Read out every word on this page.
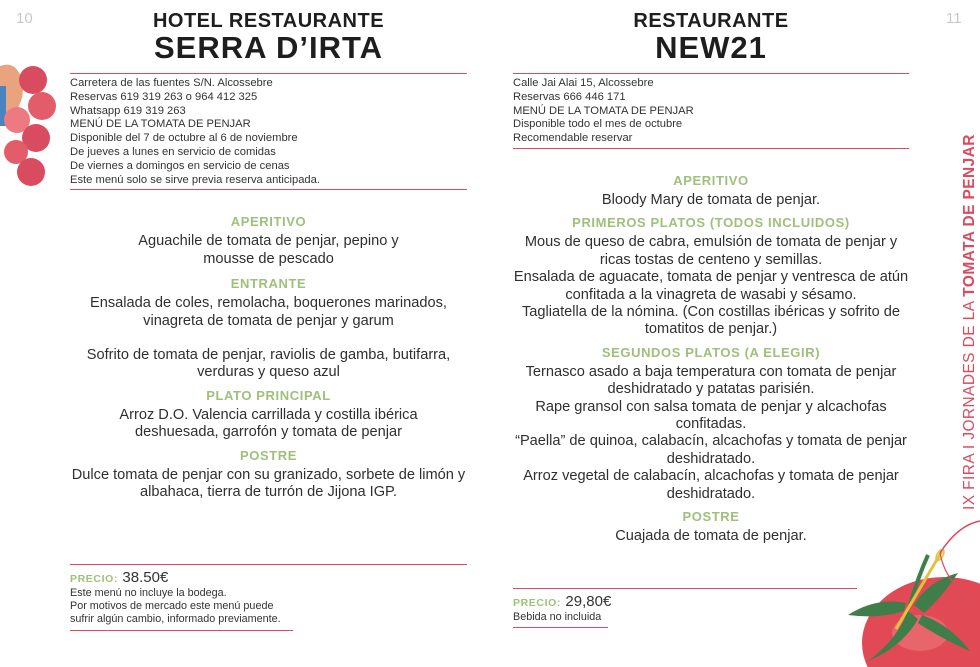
10	11
HOTEL RESTAURANTE
SERRA D’IRTA
Carretera de las fuentes S/N. Alcossebre
Reservas 619 319 263 o 964 412 325
Whatsapp 619 319 263
MENÚ DE LA TOMATA DE PENJAR
Disponible del 7 de octubre al 6 de noviembre
De jueves a lunes en servicio de comidas
De viernes a domingos en servicio de cenas
Este menú solo se sirve previa reserva anticipada.
APERITIVO
Aguachile de tomata de penjar, pepino y mousse de pescado
ENTRANTE
Ensalada de coles, remolacha, boquerones marinados, vinagreta de tomata de penjar y garum
Sofrito de tomata de penjar, raviolis de gamba, butifarra, verduras y queso azul
PLATO PRINCIPAL
Arroz D.O. Valencia carrillada y costilla ibérica deshuesada, garrofón y tomata de penjar
POSTRE
Dulce tomata de penjar con su granizado, sorbete de limón y albahaca, tierra de turrón de Jijona IGP.
PRECIO: 38.50€
Este menú no incluye la bodega.
Por motivos de mercado este menú puede
sufrir algún cambio, informado previamente.
RESTAURANTE
NEW21
Calle Jai Alai 15, Alcossebre
Reservas 666 446 171
MENÚ DE LA TOMATA DE PENJAR
Disponible todo el mes de octubre
Recomendable reservar
APERITIVO
Bloody Mary de tomata de penjar.
PRIMEROS PLATOS (TODOS INCLUIDOS)
Mous de queso de cabra, emulsión de tomata de penjar y ricas tostas de centeno y semillas.
Ensalada de aguacate, tomata de penjar y ventresca de atún confitada a la vinagreta de wasabi y sésamo.
Tagliatella de la nómina. (Con costillas ibéricas y sofrito de tomatitos de penjar.)
SEGUNDOS PLATOS (A ELEGIR)
Ternasco asado a baja temperatura con tomata de penjar deshidratado y patatas parisién.
Rape gransol con salsa tomata de penjar y alcachofas confitadas.
“Paella” de quinoa, calabacín, alcachofas y tomata de penjar deshidratado.
Arroz vegetal de calabacín, alcachofas y tomata de penjar deshidratado.
POSTRE
Cuajada de tomata de penjar.
PRECIO: 29,80€
Bebida no incluida
IX FIRA I JORNADES DE LA TOMATA DE PENJAR
